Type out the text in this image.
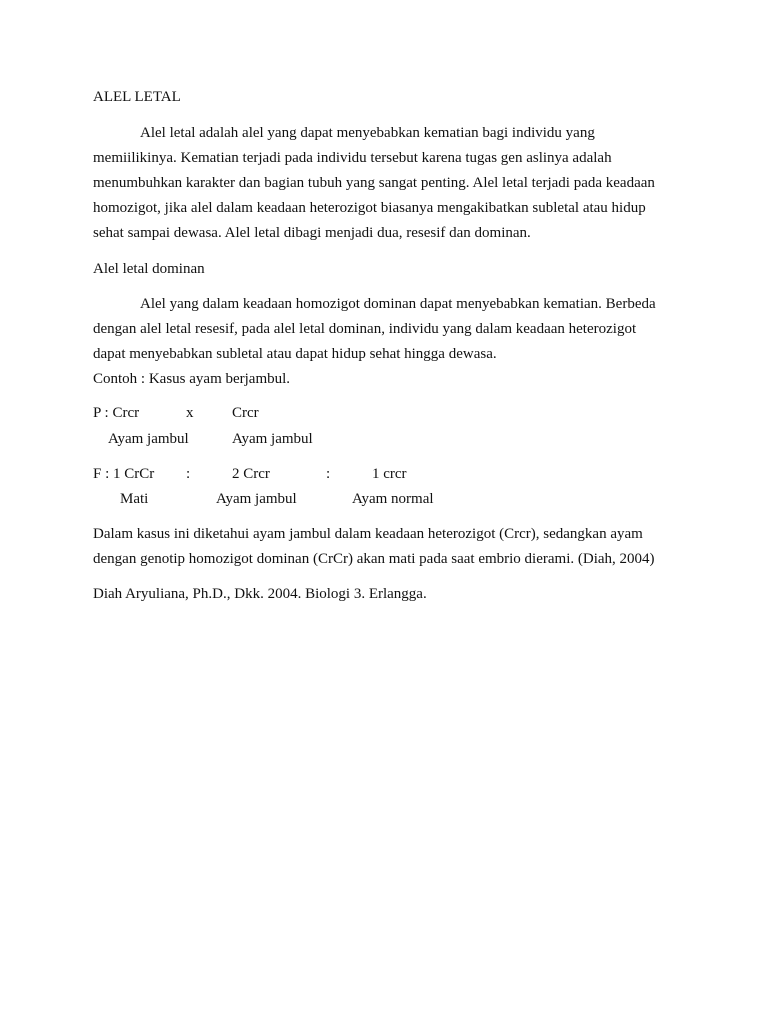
ALEL LETAL
Alel letal adalah alel yang dapat menyebabkan kematian bagi individu yang
memiilikinya. Kematian terjadi pada individu tersebut karena tugas gen aslinya adalah
menumbuhkan karakter dan bagian tubuh yang sangat penting. Alel letal terjadi pada keadaan
homozigot, jika alel dalam keadaan heterozigot biasanya mengakibatkan subletal atau hidup
sehat sampai dewasa. Alel letal dibagi menjadi dua, resesif dan dominan.
Alel letal dominan
Alel yang dalam keadaan homozigot dominan dapat menyebabkan kematian. Berbeda
dengan alel letal resesif, pada alel letal dominan, individu yang dalam keadaan heterozigot
dapat menyebabkan subletal atau dapat hidup sehat hingga dewasa.
Contoh : Kasus ayam berjambul.
P : Crcr	x	Crcr
Ayam jambul	Ayam jambul
F : 1 CrCr :	2 Crcr	:	1 crcr
Mati	Ayam jambul	Ayam normal
Dalam kasus ini diketahui ayam jambul dalam keadaan heterozigot (Crcr), sedangkan ayam
dengan genotip homozigot dominan (CrCr) akan mati pada saat embrio dierami. (Diah, 2004)
Diah Aryuliana, Ph.D., Dkk. 2004. Biologi 3. Erlangga.
